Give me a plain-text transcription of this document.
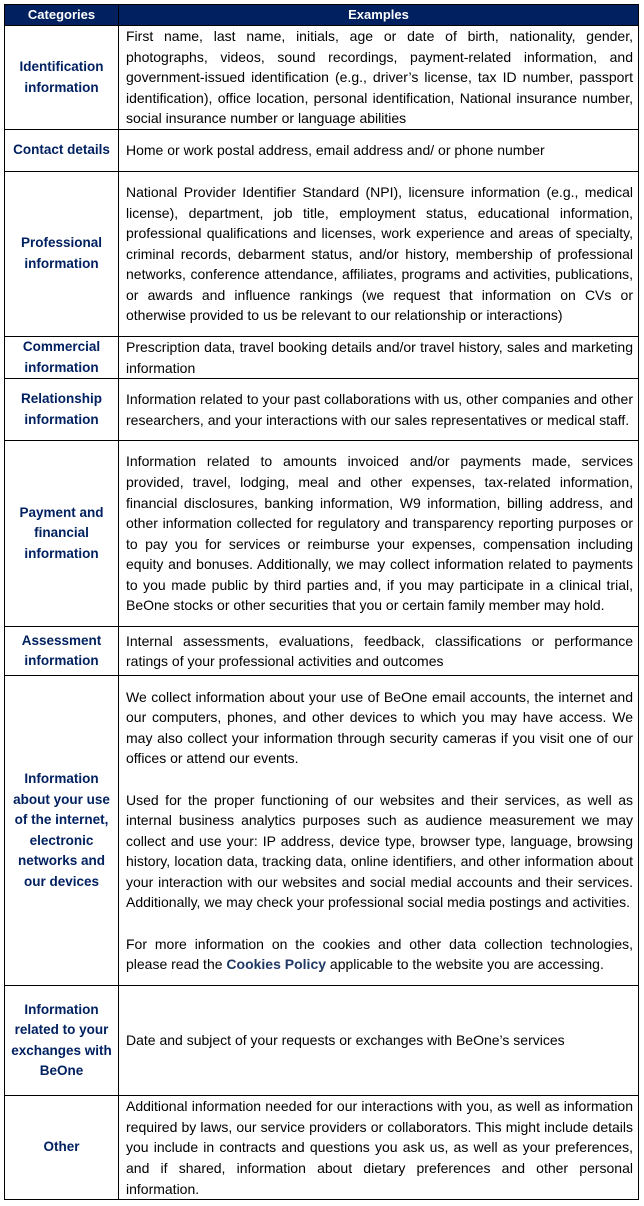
Categories	Examples
Identification information	First name, last name, initials, age or date of birth, nationality, gender, photographs, videos, sound recordings, payment-related information, and government-issued identification (e.g., driver’s license, tax ID number, passport identification), office location, personal identification, National insurance number, social insurance number or language abilities

Contact details	Home or work postal address, email address and/ or phone number

Professional information	National Provider Identifier Standard (NPI), licensure information (e.g., medical license), department, job title, employment status, educational information, professional qualifications and licenses, work experience and areas of specialty, criminal records, debarment status, and/or history, membership of professional networks, conference attendance, affiliates, programs and activities, publications, or awards and influence rankings (we request that information on CVs or otherwise provided to us be relevant to our relationship or interactions)

Commercial information	Prescription data, travel booking details and/or travel history, sales and marketing information

Relationship information	Information related to your past collaborations with us, other companies and other researchers, and your interactions with our sales representatives or medical staff.

Payment and financial information	Information related to amounts invoiced and/or payments made, services provided, travel, lodging, meal and other expenses, tax-related information, financial disclosures, banking information, W9 information, billing address, and other information collected for regulatory and transparency reporting purposes or to pay you for services or reimburse your expenses, compensation including equity and bonuses. Additionally, we may collect information related to payments to you made public by third parties and, if you may participate in a clinical trial, BeOne stocks or other securities that you or certain family member may hold.

Assessment information	Internal assessments, evaluations, feedback, classifications or performance ratings of your professional activities and outcomes

Information about your use of the internet, electronic networks and our devices	We collect information about your use of BeOne email accounts, the internet and our computers, phones, and other devices to which you may have access. We may also collect your information through security cameras if you visit one of our offices or attend our events.
Used for the proper functioning of our websites and their services, as well as internal business analytics purposes such as audience measurement we may collect and use your: IP address, device type, browser type, language, browsing history, location data, tracking data, online identifiers, and other information about your interaction with our websites and social medial accounts and their services. Additionally, we may check your professional social media postings and activities.
For more information on the cookies and other data collection technologies, please read the Cookies Policy applicable to the website you are accessing.

Information related to your exchanges with BeOne	Date and subject of your requests or exchanges with BeOne’s services

Other	Additional information needed for our interactions with you, as well as information required by laws, our service providers or collaborators. This might include details you include in contracts and questions you ask us, as well as your preferences, and if shared, information about dietary preferences and other personal information.
